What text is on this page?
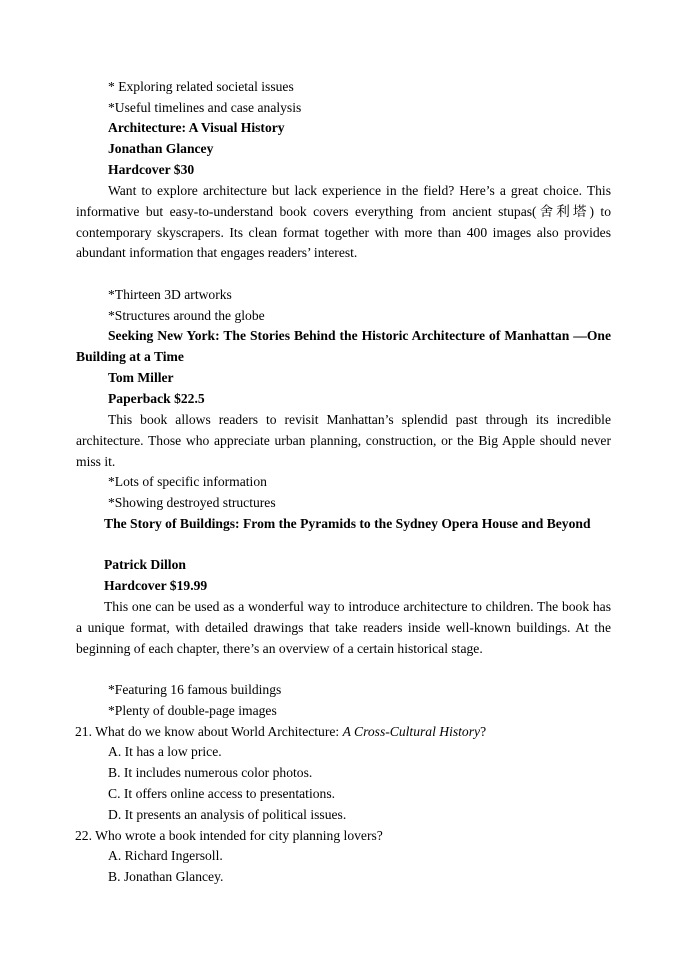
* Exploring related societal issues
*Useful timelines and case analysis
Architecture: A Visual History
Jonathan Glancey
Hardcover $30
Want to explore architecture but lack experience in the field? Here’s a great choice. This informative but easy-to-understand book covers everything from ancient stupas(舍利塔) to contemporary skyscrapers. Its clean format together with more than 400 images also provides abundant information that engages readers’ interest.
*Thirteen 3D artworks
*Structures around the globe
Seeking New York: The Stories Behind the Historic Architecture of Manhattan —One Building at a Time
Tom Miller
Paperback $22.5
This book allows readers to revisit Manhattan’s splendid past through its incredible architecture. Those who appreciate urban planning, construction, or the Big Apple should never miss it.
*Lots of specific information
*Showing destroyed structures
The Story of Buildings: From the Pyramids to the Sydney Opera House and Beyond
Patrick Dillon
Hardcover $19.99
This one can be used as a wonderful way to introduce architecture to children. The book has a unique format, with detailed drawings that take readers inside well-known buildings. At the beginning of each chapter, there’s an overview of a certain historical stage.
*Featuring 16 famous buildings
*Plenty of double-page images
21. What do we know about World Architecture: A Cross-Cultural History?
A. It has a low price.
B. It includes numerous color photos.
C. It offers online access to presentations.
D. It presents an analysis of political issues.
22. Who wrote a book intended for city planning lovers?
A. Richard Ingersoll.
B. Jonathan Glancey.
